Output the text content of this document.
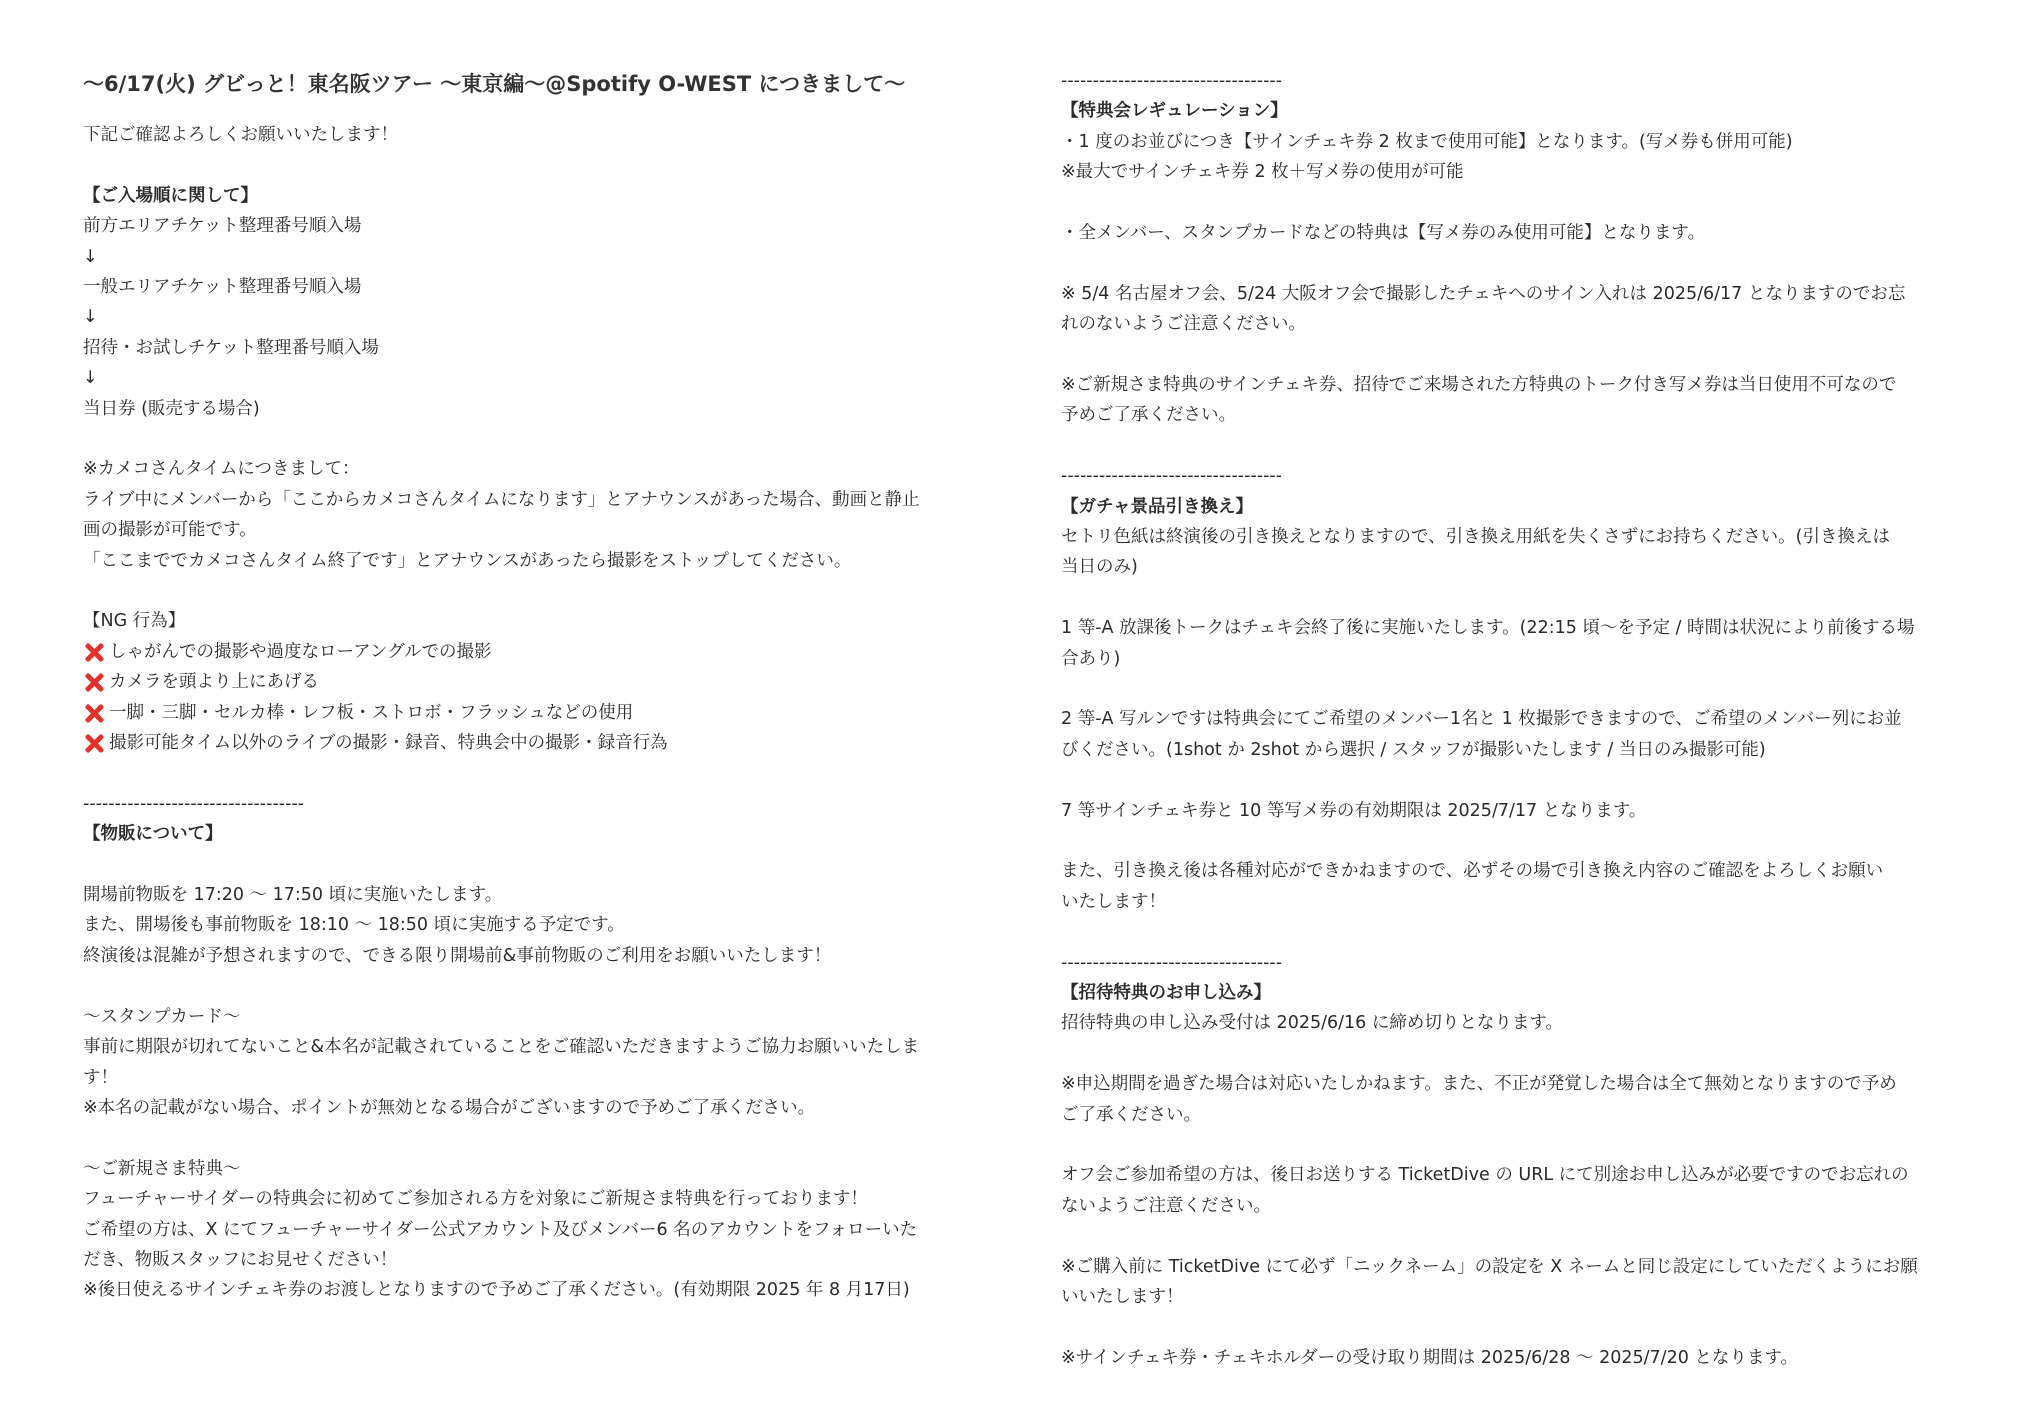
〜6/17(火) グビっと！東名阪ツアー 〜東京編〜@Spotify O-WEST につきまして〜
下記ご確認よろしくお願いいたします！
【ご入場順に関して】
前方エリアチケット整理番号順入場
↓
一般エリアチケット整理番号順入場
↓
招待・お試しチケット整理番号順入場
↓
当日券 (販売する場合)
※カメコさんタイムにつきまして：
ライブ中にメンバーから「ここからカメコさんタイムになります」とアナウンスがあった場合、動画と静止
画の撮影が可能です。
「ここまででカメコさんタイム終了です」とアナウンスがあったら撮影をストップしてください。
【NG 行為】
しゃがんでの撮影や過度なローアングルでの撮影
カメラを頭より上にあげる
一脚・三脚・セルカ棒・レフ板・ストロボ・フラッシュなどの使用
撮影可能タイム以外のライブの撮影・録音、特典会中の撮影・録音行為
-----------------------------------
【物販について】
開場前物販を 17:20 〜 17:50 頃に実施いたします。
また、開場後も事前物販を 18:10 〜 18:50 頃に実施する予定です。
終演後は混雑が予想されますので、できる限り開場前&事前物販のご利用をお願いいたします！
〜スタンプカード〜
事前に期限が切れてないこと&本名が記載されていることをご確認いただきますようご協力お願いいたしま
す！
※本名の記載がない場合、ポイントが無効となる場合がございますので予めご了承ください。
〜ご新規さま特典〜
フューチャーサイダーの特典会に初めてご参加される方を対象にご新規さま特典を行っております！
ご希望の方は、X にてフューチャーサイダー公式アカウント及びメンバー6 名のアカウントをフォローいた
だき、物販スタッフにお見せください！
※後日使えるサインチェキ券のお渡しとなりますので予めご了承ください。(有効期限 2025 年 8 月17日)
-----------------------------------
【特典会レギュレーション】
・1 度のお並びにつき【サインチェキ券 2 枚まで使用可能】となります。(写メ券も併用可能)
※最大でサインチェキ券 2 枚＋写メ券の使用が可能
・全メンバー、スタンプカードなどの特典は【写メ券のみ使用可能】となります。
※ 5/4 名古屋オフ会、5/24 大阪オフ会で撮影したチェキへのサイン入れは 2025/6/17 となりますのでお忘
れのないようご注意ください。
※ご新規さま特典のサインチェキ券、招待でご来場された方特典のトーク付き写メ券は当日使用不可なので
予めご了承ください。
-----------------------------------
【ガチャ景品引き換え】
セトリ色紙は終演後の引き換えとなりますので、引き換え用紙を失くさずにお持ちください。(引き換えは
当日のみ)
1 等-A 放課後トークはチェキ会終了後に実施いたします。(22:15 頃〜を予定 / 時間は状況により前後する場
合あり)
2 等-A 写ルンですは特典会にてご希望のメンバー1名と 1 枚撮影できますので、ご希望のメンバー列にお並
びください。(1shot か 2shot から選択 / スタッフが撮影いたします / 当日のみ撮影可能)
7 等サインチェキ券と 10 等写メ券の有効期限は 2025/7/17 となります。
また、引き換え後は各種対応ができかねますので、必ずその場で引き換え内容のご確認をよろしくお願い
いたします！
-----------------------------------
【招待特典のお申し込み】
招待特典の申し込み受付は 2025/6/16 に締め切りとなります。
※申込期間を過ぎた場合は対応いたしかねます。また、不正が発覚した場合は全て無効となりますので予め
ご了承ください。
オフ会ご参加希望の方は、後日お送りする TicketDive の URL にて別途お申し込みが必要ですのでお忘れの
ないようご注意ください。
※ご購入前に TicketDive にて必ず「ニックネーム」の設定を X ネームと同じ設定にしていただくようにお願
いいたします！
※サインチェキ券・チェキホルダーの受け取り期間は 2025/6/28 〜 2025/7/20 となります。
